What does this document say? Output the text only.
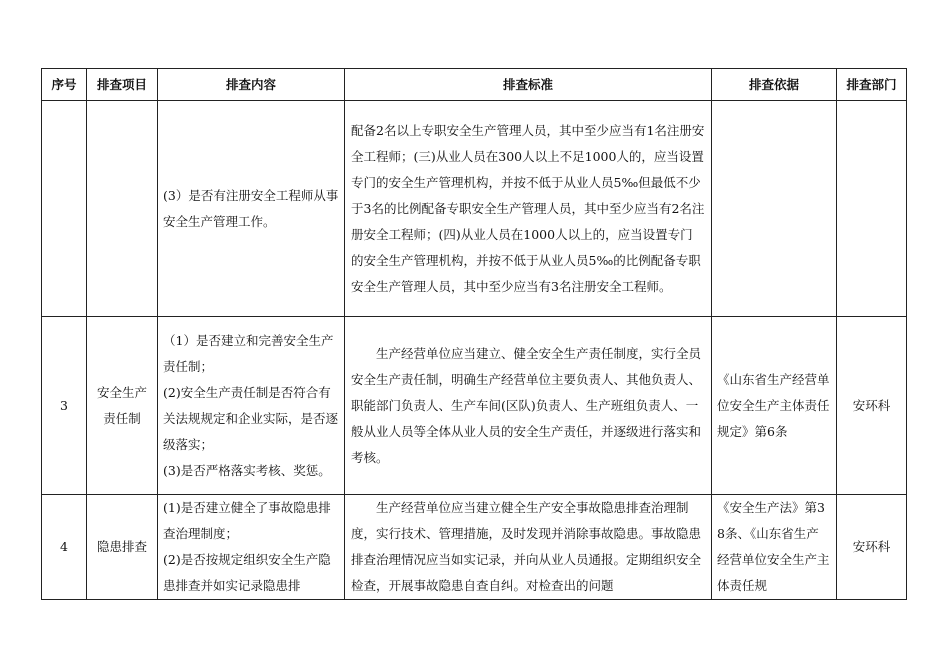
序号	排查项目	排查内容	排查标准	排查依据	排查部门

		(3）是否有注册安全工程师从事安全生产管理工作。	配备2名以上专职安全生产管理人员，其中至少应当有1名注册安全工程师；(三)从业人员在300人以上不足1000人的，应当设置专门的安全生产管理机构，并按不低于从业人员5‰但最低不少于3名的比例配备专职安全生产管理人员，其中至少应当有2名注册安全工程师；(四)从业人员在1000人以上的，应当设置专门的安全生产管理机构，并按不低于从业人员5‰的比例配备专职安全生产管理人员，其中至少应当有3名注册安全工程师。		
3	安全生产责任制	（1）是否建立和完善安全生产责任制；
(2)安全生产责任制是否符合有关法规规定和企业实际，是否逐级落实；
(3)是否严格落实考核、奖惩。	生产经营单位应当建立、健全安全生产责任制度，实行全员安全生产责任制，明确生产经营单位主要负责人、其他负责人、职能部门负责人、生产车间(区队)负责人、生产班组负责人、一般从业人员等全体从业人员的安全生产责任，并逐级进行落实和考核。	《山东省生产经营单位安全生产主体责任规定》第6条	安环科
4	隐患排查	(1)是否建立健全了事故隐患排查治理制度；
(2)是否按规定组织安全生产隐患排查并如实记录隐患排	生产经营单位应当建立健全生产安全事故隐患排查治理制度，实行技术、管理措施，及时发现并消除事故隐患。事故隐患排查治理情况应当如实记录，并向从业人员通报。定期组织安全检查，开展事故隐患自查自纠。对检查出的问题	《安全生产法》第38条、《山东省生产经营单位安全生产主体责任规	安环科
